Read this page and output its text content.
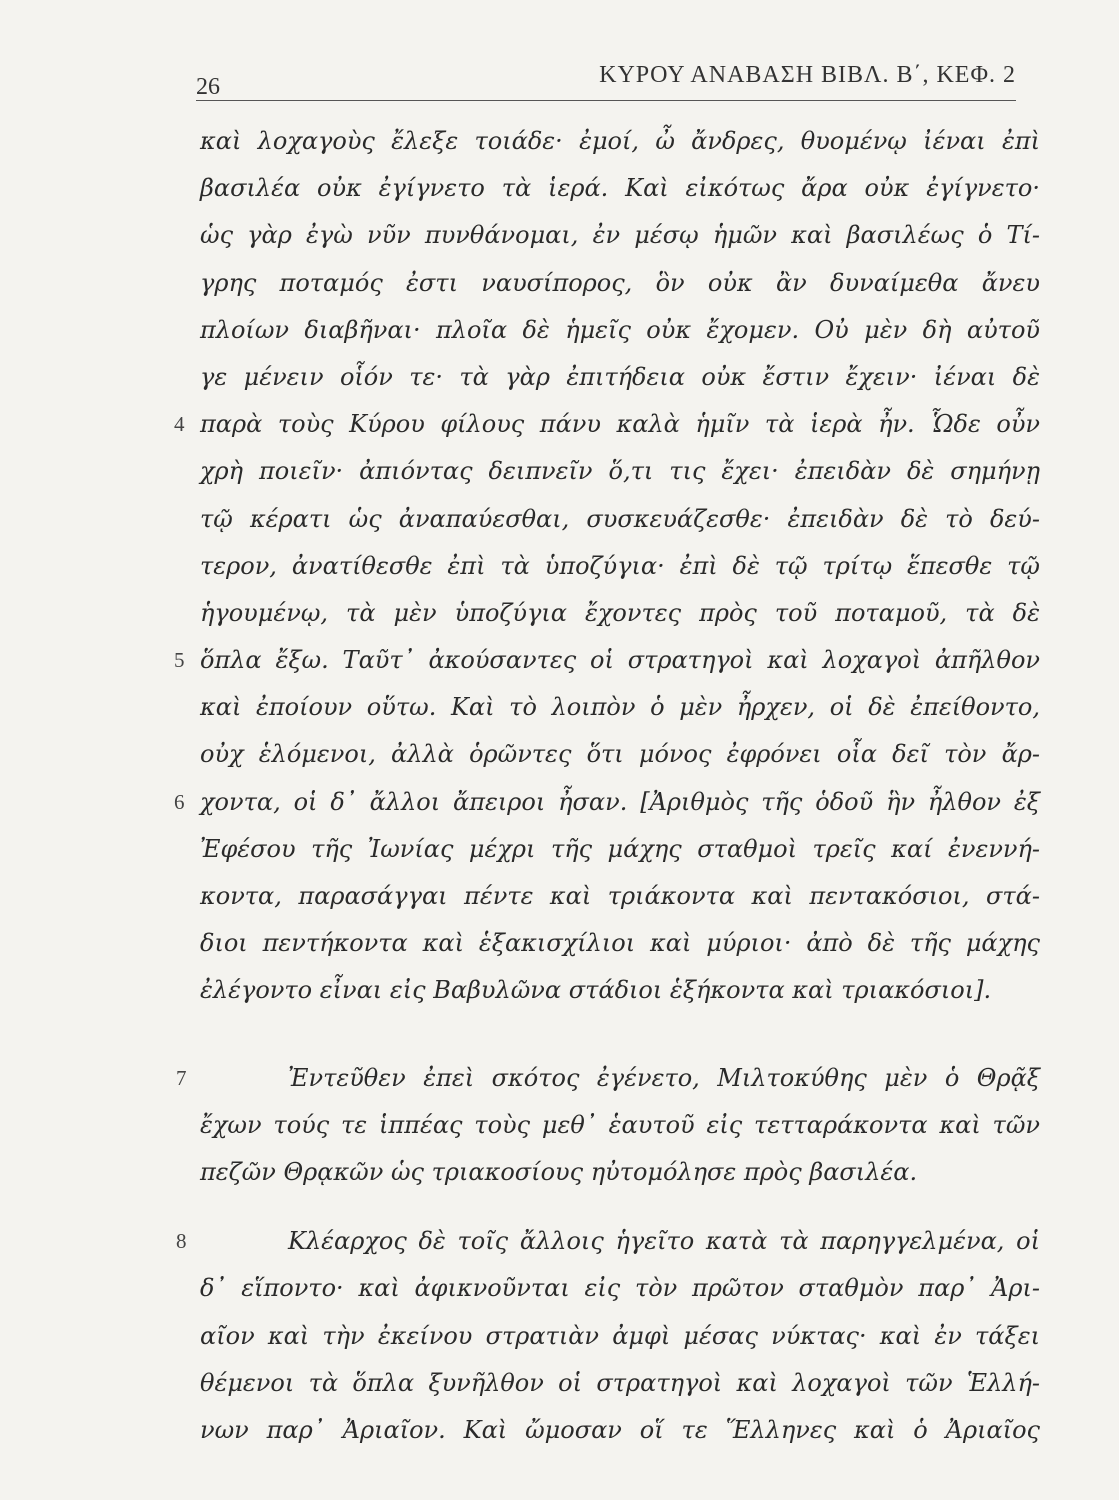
26	ΚΥΡΟΥ ΑΝΑΒΑΣΗ ΒΙΒΛ. Β΄, ΚΕΦ. 2
καὶ λοχαγοὺς ἔλεξε τοιάδε· ἐμοί, ὦ ἄνδρες, θυομένῳ ἰέναι ἐπὶ
βασιλέα οὐκ ἐγίγνετο τὰ ἱερά. Καὶ εἰκότως ἄρα οὐκ ἐγίγνετο·
ὡς γὰρ ἐγὼ νῦν πυνθάνομαι, ἐν μέσῳ ἡμῶν καὶ βασιλέως ὁ Τί-
γρης ποταμός ἐστι ναυσίπορος, ὃν οὐκ ἂν δυναίμεθα ἄνευ
πλοίων διαβῆναι· πλοῖα δὲ ἡμεῖς οὐκ ἔχομεν. Οὐ μὲν δὴ αὐτοῦ
γε μένειν οἷόν τε· τὰ γὰρ ἐπιτήδεια οὐκ ἔστιν ἔχειν· ἰέναι δὲ
4 παρὰ τοὺς Κύρου φίλους πάνυ καλὰ ἡμῖν τὰ ἱερὰ ἦν. Ὧδε οὖν
χρὴ ποιεῖν· ἀπιόντας δειπνεῖν ὅ,τι τις ἔχει· ἐπειδὰν δὲ σημήνῃ
τῷ κέρατι ὡς ἀναπαύεσθαι, συσκευάζεσθε· ἐπειδὰν δὲ τὸ δεύ-
τερον, ἀνατίθεσθε ἐπὶ τὰ ὑποζύγια· ἐπὶ δὲ τῷ τρίτῳ ἕπεσθε τῷ
ἡγουμένῳ, τὰ μὲν ὑποζύγια ἔχοντες πρὸς τοῦ ποταμοῦ, τὰ δὲ
5 ὅπλα ἔξω. Ταῦτ᾽ ἀκούσαντες οἱ στρατηγοὶ καὶ λοχαγοὶ ἀπῆλθον
καὶ ἐποίουν οὕτω. Καὶ τὸ λοιπὸν ὁ μὲν ἦρχεν, οἱ δὲ ἐπείθοντο,
οὐχ ἑλόμενοι, ἀλλὰ ὁρῶντες ὅτι μόνος ἐφρόνει οἷα δεῖ τὸν ἄρ-
6 χοντα, οἱ δ᾽ ἄλλοι ἄπειροι ἦσαν. [Ἀριθμὸς τῆς ὁδοῦ ἣν ἦλθον ἐξ
Ἐφέσου τῆς Ἰωνίας μέχρι τῆς μάχης σταθμοὶ τρεῖς καί ἐνεννή-
κοντα, παρασάγγαι πέντε καὶ τριάκοντα καὶ πεντακόσιοι, στά-
διοι πεντήκοντα καὶ ἑξακισχίλιοι καὶ μύριοι· ἀπὸ δὲ τῆς μάχης
ἐλέγοντο εἶναι εἰς Βαβυλῶνα στάδιοι ἑξήκοντα καὶ τριακόσιοι].
7	Ἐντεῦθεν ἐπεὶ σκότος ἐγένετο, Μιλτοκύθης μὲν ὁ Θρᾷξ
ἔχων τούς τε ἱππέας τοὺς μεθ᾽ ἑαυτοῦ εἰς τετταράκοντα καὶ τῶν
πεζῶν Θρᾳκῶν ὡς τριακοσίους ηὐτομόλησε πρὸς βασιλέα.
8	Κλέαρχος δὲ τοῖς ἄλλοις ἡγεῖτο κατὰ τὰ παρηγγελμένα, οἱ
δ᾽ εἵποντο· καὶ ἀφικνοῦνται εἰς τὸν πρῶτον σταθμὸν παρ᾽ Ἀρι-
αῖον καὶ τὴν ἐκείνου στρατιὰν ἀμφὶ μέσας νύκτας· καὶ ἐν τάξει
θέμενοι τὰ ὅπλα ξυνῆλθον οἱ στρατηγοὶ καὶ λοχαγοὶ τῶν Ἑλλή-
νων παρ᾽ Ἀριαῖον. Καὶ ὤμοσαν οἵ τε Ἕλληνες καὶ ὁ Ἀριαῖος
